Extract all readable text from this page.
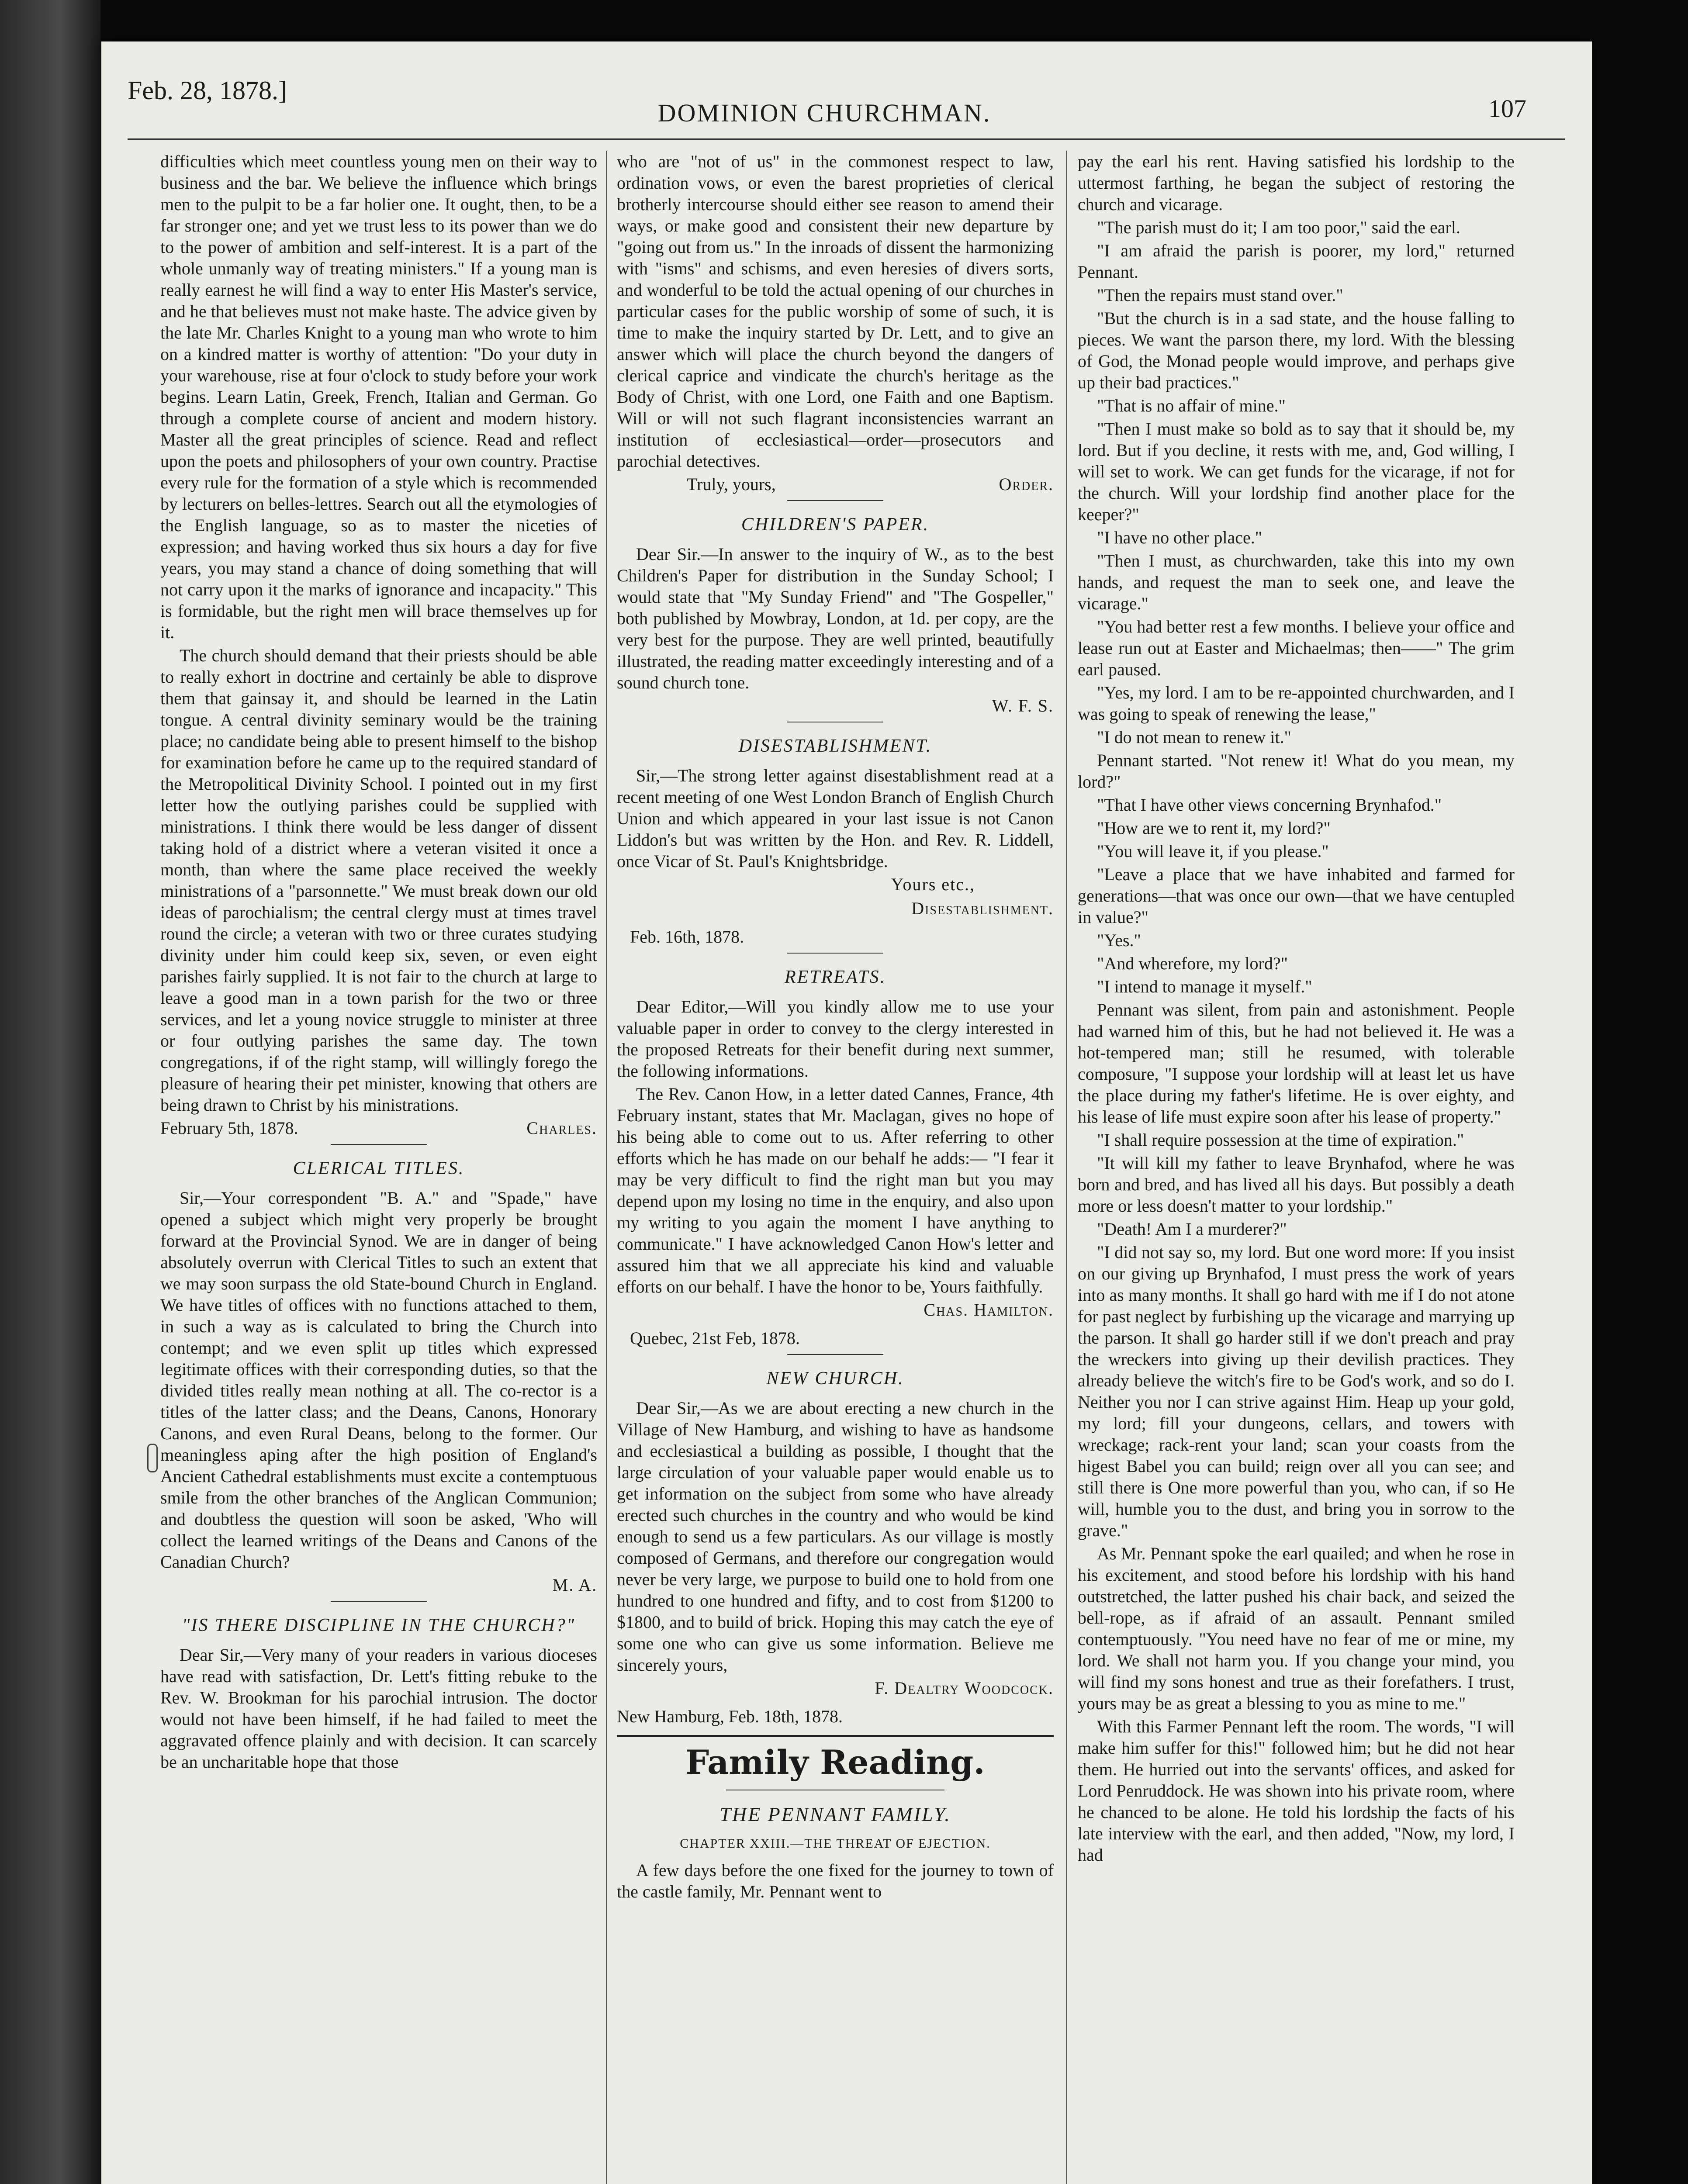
Feb. 28, 1878.]
DOMINION CHURCHMAN.	107

difficulties which meet countless young men on their way to business and the bar. We believe the influence which brings men to the pulpit to be a far holier one. It ought, then, to be a far stronger one; and yet we trust less to its power than we do to the power of ambition and self-interest. It is a part of the whole unmanly way of treating ministers." If a young man is really earnest he will find a way to enter His Master's service, and he that believes must not make haste. The advice given by the late Mr. Charles Knight to a young man who wrote to him on a kindred matter is worthy of attention: "Do your duty in your warehouse, rise at four o'clock to study before your work begins. Learn Latin, Greek, French, Italian and German. Go through a complete course of ancient and modern history. Master all the great principles of science. Read and reflect upon the poets and philosophers of your own country. Practise every rule for the formation of a style which is recommended by lecturers on belles-lettres. Search out all the etymologies of the English language, so as to master the niceties of expression; and having worked thus six hours a day for five years, you may stand a chance of doing something that will not carry upon it the marks of ignorance and incapacity." This is formidable, but the right men will brace themselves up for it.

The church should demand that their priests should be able to really exhort in doctrine and certainly be able to disprove them that gainsay it, and should be learned in the Latin tongue. A central divinity seminary would be the training place; no candidate being able to present himself to the bishop for examination before he came up to the required standard of the Metropolitical Divinity School. I pointed out in my first letter how the outlying parishes could be supplied with ministrations. I think there would be less danger of dissent taking hold of a district where a veteran visited it once a month, than where the same place received the weekly ministrations of a "parsonnette." We must break down our old ideas of parochialism; the central clergy must at times travel round the circle; a veteran with two or three curates studying divinity under him could keep six, seven, or even eight parishes fairly supplied. It is not fair to the church at large to leave a good man in a town parish for the two or three services, and let a young novice struggle to minister at three or four outlying parishes the same day. The town congregations, if of the right stamp, will willingly forego the pleasure of hearing their pet minister, knowing that others are being drawn to Christ by his ministrations.

February 5th, 1878.	Charles.

CLERICAL TITLES.

Sir,—Your correspondent "B. A." and "Spade," have opened a subject which might very properly be brought forward at the Provincial Synod. We are in danger of being absolutely overrun with Clerical Titles to such an extent that we may soon surpass the old State-bound Church in England. We have titles of offices with no functions attached to them, in such a way as is calculated to bring the Church into contempt; and we even split up titles which expressed legitimate offices with their corresponding duties, so that the divided titles really mean nothing at all. The co-rector is a titles of the latter class; and the Deans, Canons, Honorary Canons, and even Rural Deans, belong to the former. Our meaningless aping after the high position of England's Ancient Cathedral establishments must excite a contemptuous smile from the other branches of the Anglican Communion; and doubtless the question will soon be asked, 'Who will collect the learned writings of the Deans and Canons of the Canadian Church?

M. A.

"IS THERE DISCIPLINE IN THE CHURCH?"

Dear Sir,—Very many of your readers in various dioceses have read with satisfaction, Dr. Lett's fitting rebuke to the Rev. W. Brookman for his parochial intrusion. The doctor would not have been himself, if he had failed to meet the aggravated offence plainly and with decision. It can scarcely be an uncharitable hope that those

who are "not of us" in the commonest respect to law, ordination vows, or even the barest proprieties of clerical brotherly intercourse should either see reason to amend their ways, or make good and consistent their new departure by "going out from us." In the inroads of dissent the harmonizing with "isms" and schisms, and even heresies of divers sorts, and wonderful to be told the actual opening of our churches in particular cases for the public worship of some of such, it is time to make the inquiry started by Dr. Lett, and to give an answer which will place the church beyond the dangers of clerical caprice and vindicate the church's heritage as the Body of Christ, with one Lord, one Faith and one Baptism. Will or will not such flagrant inconsistencies warrant an institution of ecclesiastical—order—prosecutors and parochial detectives.

Truly, yours,	Order.

CHILDREN'S PAPER.

Dear Sir.—In answer to the inquiry of W., as to the best Children's Paper for distribution in the Sunday School; I would state that "My Sunday Friend" and "The Gospeller," both published by Mowbray, London, at 1d. per copy, are the very best for the purpose. They are well printed, beautifully illustrated, the reading matter exceedingly interesting and of a sound church tone.

W. F. S.

DISESTABLISHMENT.

Sir,—The strong letter against disestablishment read at a recent meeting of one West London Branch of English Church Union and which appeared in your last issue is not Canon Liddon's but was written by the Hon. and Rev. R. Liddell, once Vicar of St. Paul's Knightsbridge.

Yours etc.,

Disestablishment.

Feb. 16th, 1878.

RETREATS.

Dear Editor,—Will you kindly allow me to use your valuable paper in order to convey to the clergy interested in the proposed Retreats for their benefit during next summer, the following informations.

The Rev. Canon How, in a letter dated Cannes, France, 4th February instant, states that Mr. Maclagan, gives no hope of his being able to come out to us. After referring to other efforts which he has made on our behalf he adds:— "I fear it may be very difficult to find the right man but you may depend upon my losing no time in the enquiry, and also upon my writing to you again the moment I have anything to communicate." I have acknowledged Canon How's letter and assured him that we all appreciate his kind and valuable efforts on our behalf. I have the honor to be, Yours faithfully.

Chas. Hamilton.

Quebec, 21st Feb, 1878.

NEW CHURCH.

Dear Sir,—As we are about erecting a new church in the Village of New Hamburg, and wishing to have as handsome and ecclesiastical a building as possible, I thought that the large circulation of your valuable paper would enable us to get information on the subject from some who have already erected such churches in the country and who would be kind enough to send us a few particulars. As our village is mostly composed of Germans, and therefore our congregation would never be very large, we purpose to build one to hold from one hundred to one hundred and fifty, and to cost from $1200 to $1800, and to build of brick. Hoping this may catch the eye of some one who can give us some information. Believe me sincerely yours,

F. Dealtry Woodcock.

New Hamburg, Feb. 18th, 1878.

Family Reading.

THE PENNANT FAMILY.

CHAPTER XXIII.—THE THREAT OF EJECTION.

A few days before the one fixed for the journey to town of the castle family, Mr. Pennant went to

pay the earl his rent. Having satisfied his lordship to the uttermost farthing, he began the subject of restoring the church and vicarage.

"The parish must do it; I am too poor," said the earl.

"I am afraid the parish is poorer, my lord," returned Pennant.

"Then the repairs must stand over."

"But the church is in a sad state, and the house falling to pieces. We want the parson there, my lord. With the blessing of God, the Monad people would improve, and perhaps give up their bad practices."

"That is no affair of mine."

"Then I must make so bold as to say that it should be, my lord. But if you decline, it rests with me, and, God willing, I will set to work. We can get funds for the vicarage, if not for the church. Will your lordship find another place for the keeper?"

"I have no other place."

"Then I must, as churchwarden, take this into my own hands, and request the man to seek one, and leave the vicarage."

"You had better rest a few months. I believe your office and lease run out at Easter and Michaelmas; then——" The grim earl paused.

"Yes, my lord. I am to be re-appointed churchwarden, and I was going to speak of renewing the lease,"

"I do not mean to renew it."

Pennant started. "Not renew it! What do you mean, my lord?"

"That I have other views concerning Brynhafod."

"How are we to rent it, my lord?"

"You will leave it, if you please."

"Leave a place that we have inhabited and farmed for generations—that was once our own—that we have centupled in value?"

"Yes."

"And wherefore, my lord?"

"I intend to manage it myself."

Pennant was silent, from pain and astonishment. People had warned him of this, but he had not believed it. He was a hot-tempered man; still he resumed, with tolerable composure, "I suppose your lordship will at least let us have the place during my father's lifetime. He is over eighty, and his lease of life must expire soon after his lease of property."

"I shall require possession at the time of expiration."

"It will kill my father to leave Brynhafod, where he was born and bred, and has lived all his days. But possibly a death more or less doesn't matter to your lordship."

"Death! Am I a murderer?"

"I did not say so, my lord. But one word more: If you insist on our giving up Brynhafod, I must press the work of years into as many months. It shall go hard with me if I do not atone for past neglect by furbishing up the vicarage and marrying up the parson. It shall go harder still if we don't preach and pray the wreckers into giving up their devilish practices. They already believe the witch's fire to be God's work, and so do I. Neither you nor I can strive against Him. Heap up your gold, my lord; fill your dungeons, cellars, and towers with wreckage; rack-rent your land; scan your coasts from the higest Babel you can build; reign over all you can see; and still there is One more powerful than you, who can, if so He will, humble you to the dust, and bring you in sorrow to the grave."

As Mr. Pennant spoke the earl quailed; and when he rose in his excitement, and stood before his lordship with his hand outstretched, the latter pushed his chair back, and seized the bell-rope, as if afraid of an assault. Pennant smiled contemptuously. "You need have no fear of me or mine, my lord. We shall not harm you. If you change your mind, you will find my sons honest and true as their forefathers. I trust, yours may be as great a blessing to you as mine to me."

With this Farmer Pennant left the room. The words, "I will make him suffer for this!" followed him; but he did not hear them. He hurried out into the servants' offices, and asked for Lord Penruddock. He was shown into his private room, where he chanced to be alone. He told his lordship the facts of his late interview with the earl, and then added, "Now, my lord, I had
